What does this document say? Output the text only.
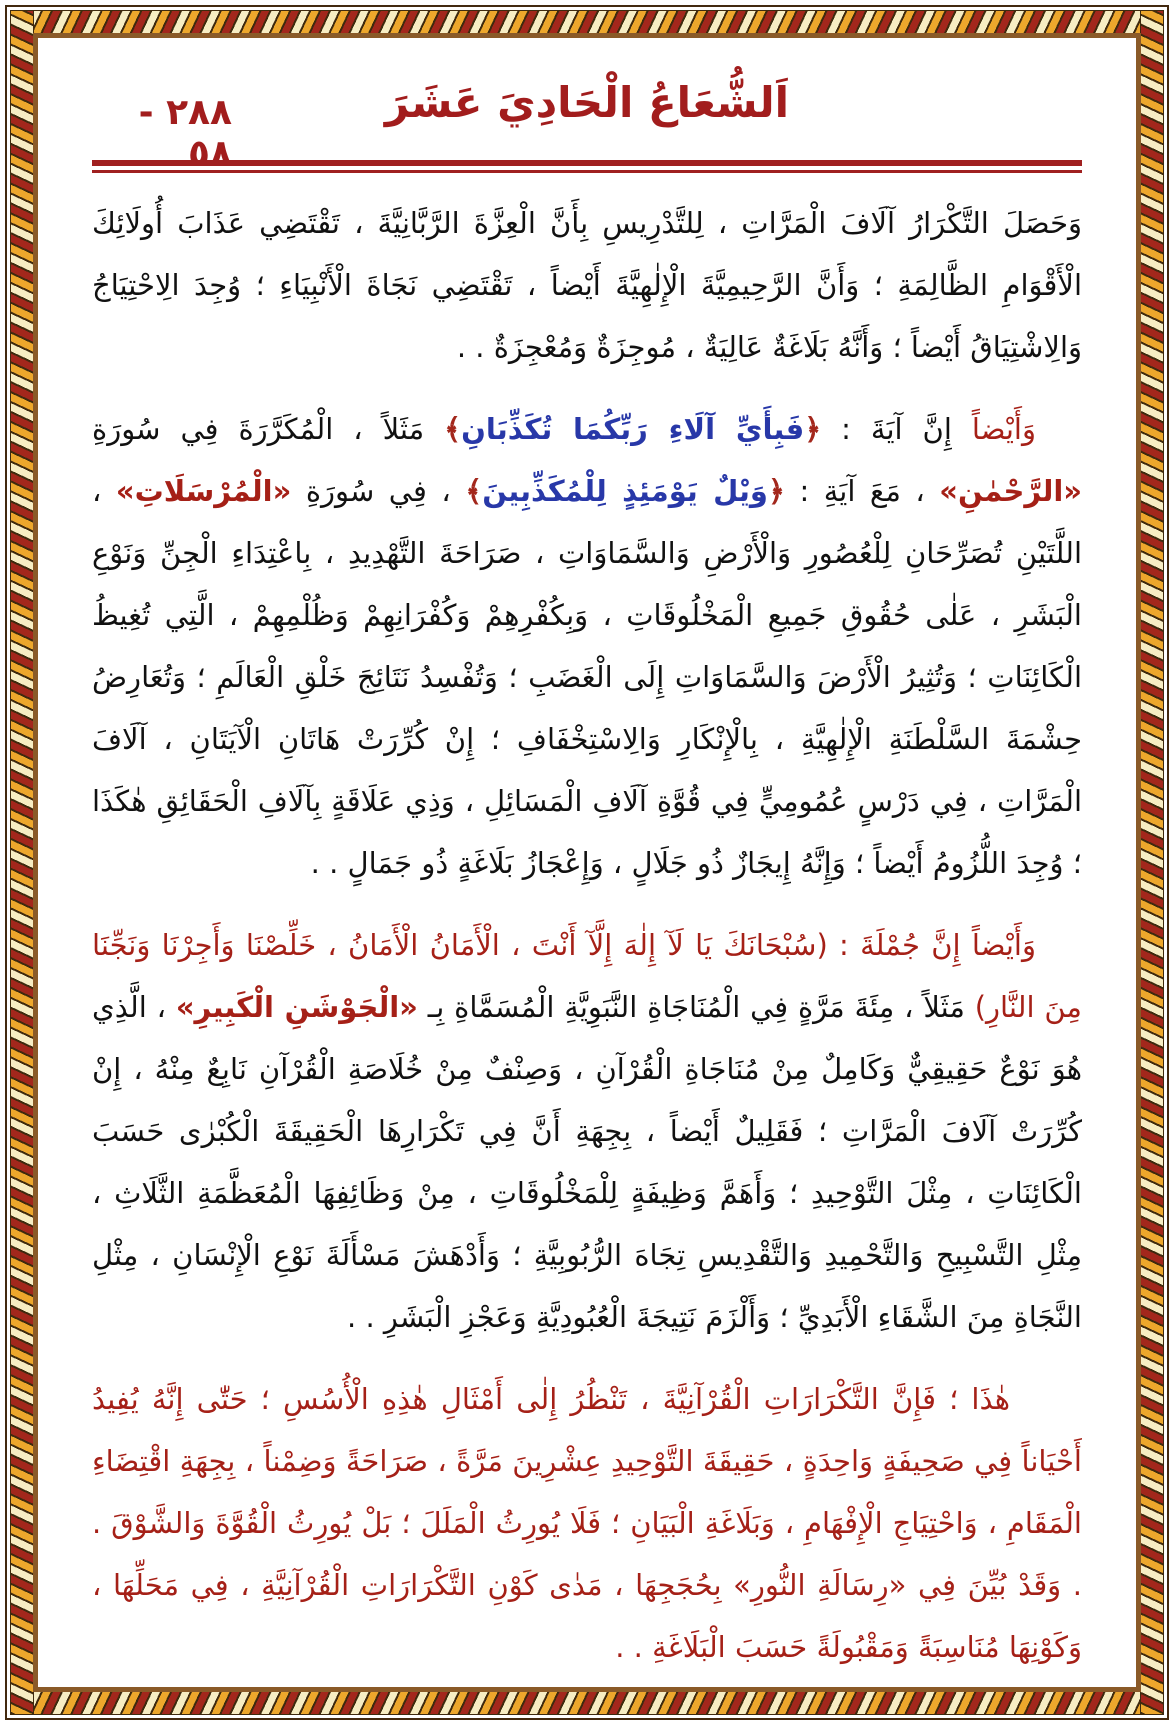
٢٨٨ - ٥٨
اَلشُّعَاعُ الْحَادِيَ عَشَرَ

وَحَصَلَ التَّكْرَارُ آلَافَ الْمَرَّاتِ ، لِلتَّدْرِيسِ بِأَنَّ الْعِزَّةَ الرَّبَّانِيَّةَ ، تَقْتَضِي عَذَابَ أُولَائِكَ الْأَقْوَامِ الظَّالِمَةِ ؛ وَأَنَّ الرَّحِيمِيَّةَ الْإِلٰهِيَّةَ أَيْضاً ، تَقْتَضِي نَجَاةَ الْأَنْبِيَاءِ ؛ وُجِدَ الِاحْتِيَاجُ وَالِاشْتِيَاقُ أَيْضاً ؛ وَأَنَّهُ بَلَاغَةٌ عَالِيَةٌ ، مُوجِزَةٌ وَمُعْجِزَةٌ . .

وَأَيْضاً إِنَّ آيَةَ : ﴿فَبِأَيِّ آلَاءِ رَبِّكُمَا تُكَذِّبَانِ﴾ مَثَلاً ، الْمُكَرَّرَةَ فِي سُورَةِ «الرَّحْمٰنِ» ، مَعَ آيَةِ : ﴿وَيْلٌ يَوْمَئِذٍ لِلْمُكَذِّبِينَ﴾ ، فِي سُورَةِ «الْمُرْسَلَاتِ» ، اللَّتَيْنِ تُصَرِّحَانِ لِلْعُصُورِ وَالْأَرْضِ وَالسَّمَاوَاتِ ، صَرَاحَةَ التَّهْدِيدِ ، بِاعْتِدَاءِ الْجِنِّ وَنَوْعِ الْبَشَرِ ، عَلٰى حُقُوقِ جَمِيعِ الْمَخْلُوقَاتِ ، وَبِكُفْرِهِمْ وَكُفْرَانِهِمْ وَظُلْمِهِمْ ، الَّتِي تُغِيظُ الْكَائِنَاتِ ؛ وَتُثِيرُ الْأَرْضَ وَالسَّمَاوَاتِ إِلَى الْغَضَبِ ؛ وَتُفْسِدُ نَتَائِجَ خَلْقِ الْعَالَمِ ؛ وَتُعَارِضُ حِشْمَةَ السَّلْطَنَةِ الْإِلٰهِيَّةِ ، بِالْإِنْكَارِ وَالِاسْتِخْفَافِ ؛ إِنْ كُرِّرَتْ هَاتَانِ الْآيَتَانِ ، آلَافَ الْمَرَّاتِ ، فِي دَرْسٍ عُمُومِيٍّ فِي قُوَّةِ آلَافِ الْمَسَائِلِ ، وَذِي عَلَاقَةٍ بِآلَافِ الْحَقَائِقِ هٰكَذَا ؛ وُجِدَ اللُّزُومُ أَيْضاً ؛ وَإِنَّهُ إِيجَازٌ ذُو جَلَالٍ ، وَإِعْجَازُ بَلَاغَةٍ ذُو جَمَالٍ . .

وَأَيْضاً إِنَّ جُمْلَةَ : (سُبْحَانَكَ يَا لَآ إِلٰهَ إِلَّآ أَنْتَ ، الْأَمَانُ الْأَمَانُ ، خَلِّصْنَا وَأَجِرْنَا وَنَجِّنَا مِنَ النَّارِ) مَثَلاً ، مِئَةَ مَرَّةٍ فِي الْمُنَاجَاةِ النَّبَوِيَّةِ الْمُسَمَّاةِ بِـ «الْجَوْشَنِ الْكَبِيرِ» ، الَّذِي هُوَ نَوْعٌ حَقِيقِيٌّ وَكَامِلٌ مِنْ مُنَاجَاةِ الْقُرْآنِ ، وَصِنْفٌ مِنْ خُلَاصَةِ الْقُرْآنِ نَابِعٌ مِنْهُ ، إِنْ كُرِّرَتْ آلَافَ الْمَرَّاتِ ؛ فَقَلِيلٌ أَيْضاً ، بِجِهَةِ أَنَّ فِي تَكْرَارِهَا الْحَقِيقَةَ الْكُبْرٰى حَسَبَ الْكَائِنَاتِ ، مِثْلَ التَّوْحِيدِ ؛ وَأَهَمَّ وَظِيفَةٍ لِلْمَخْلُوقَاتِ ، مِنْ وَظَائِفِهَا الْمُعَظَّمَةِ الثَّلَاثِ ، مِثْلِ التَّسْبِيحِ وَالتَّحْمِيدِ وَالتَّقْدِيسِ تِجَاهَ الرُّبُوبِيَّةِ ؛ وَأَدْهَشَ مَسْأَلَةَ نَوْعِ الْإِنْسَانِ ، مِثْلِ النَّجَاةِ مِنَ الشَّقَاءِ الْأَبَدِيِّ ؛ وَأَلْزَمَ نَتِيجَةَ الْعُبُودِيَّةِ وَعَجْزِ الْبَشَرِ . .

هٰذَا ؛ فَإِنَّ التَّكْرَارَاتِ الْقُرْآنِيَّةَ ، تَنْظُرُ إِلٰى أَمْثَالِ هٰذِهِ الْأُسُسِ ؛ حَتّٰى إِنَّهُ يُفِيدُ أَحْيَاناً فِي صَحِيفَةٍ وَاحِدَةٍ ، حَقِيقَةَ التَّوْحِيدِ عِشْرِينَ مَرَّةً ، صَرَاحَةً وَضِمْناً ، بِجِهَةِ اقْتِضَاءِ الْمَقَامِ ، وَاحْتِيَاجِ الْإِفْهَامِ ، وَبَلَاغَةِ الْبَيَانِ ؛ فَلَا يُورِثُ الْمَلَلَ ؛ بَلْ يُورِثُ الْقُوَّةَ وَالشَّوْقَ . . وَقَدْ بُيِّنَ فِي «رِسَالَةِ النُّورِ» بِحُجَجِهَا ، مَدٰى كَوْنِ التَّكْرَارَاتِ الْقُرْآنِيَّةِ ، فِي مَحَلِّهَا ، وَكَوْنِهَا مُنَاسِبَةً وَمَقْبُولَةً حَسَبَ الْبَلَاغَةِ . .
